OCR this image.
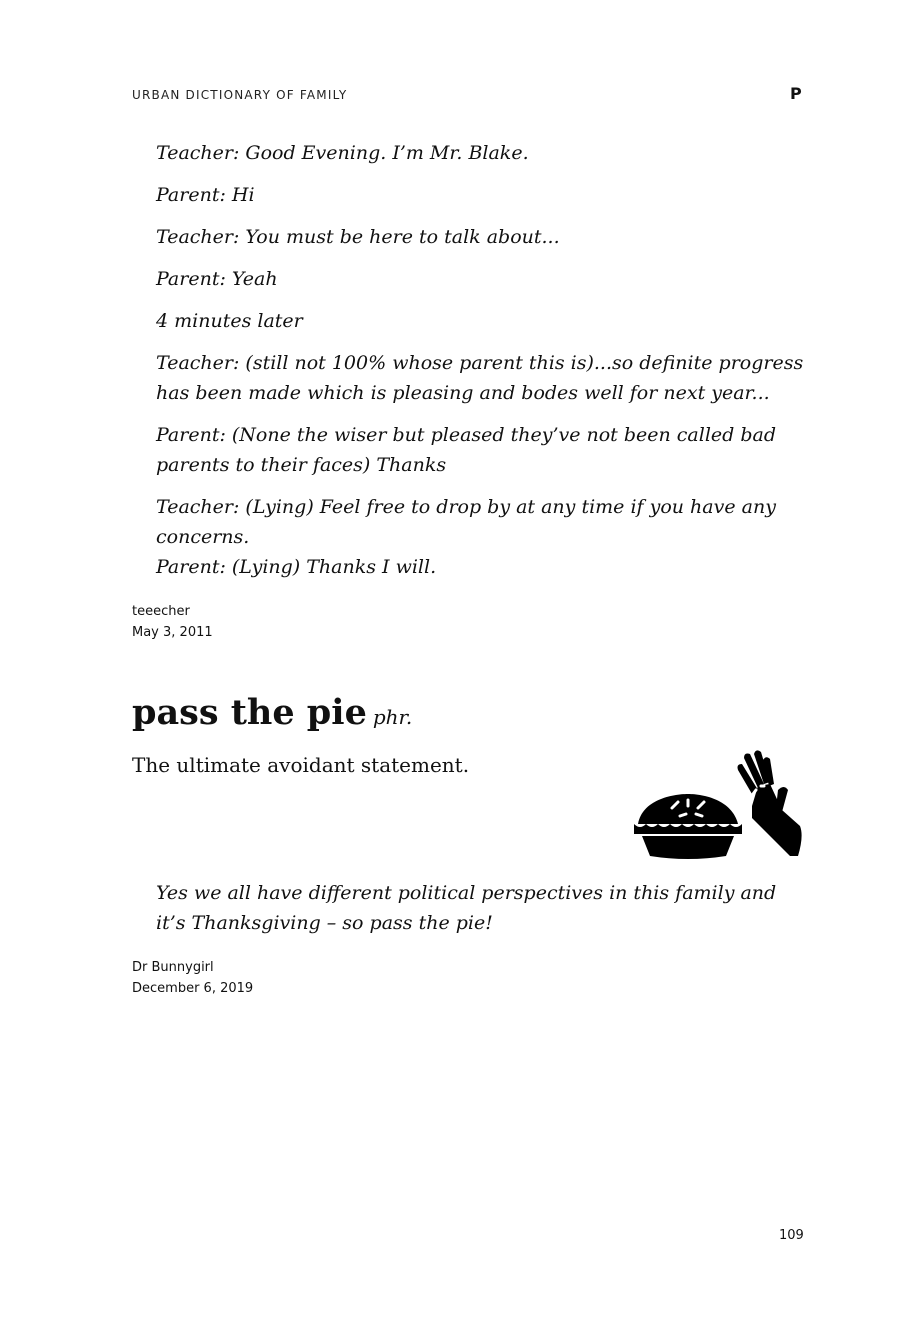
URBAN DICTIONARY OF FAMILY	P

Teacher: Good Evening. I’m Mr. Blake.

Parent: Hi

Teacher: You must be here to talk about...

Parent: Yeah

4 minutes later

Teacher: (still not 100% whose parent this is)...so definite progress has been made which is pleasing and bodes well for next year...

Parent: (None the wiser but pleased they’ve not been called bad parents to their faces) Thanks

Teacher: (Lying) Feel free to drop by at any time if you have any concerns.

Parent: (Lying) Thanks I will.

teeecher
May 3, 2011
pass the pie phr.
The ultimate avoidant statement.

Yes we all have different political perspectives in this family and it’s Thanksgiving – so pass the pie!

Dr Bunnygirl
December 6, 2019
109
